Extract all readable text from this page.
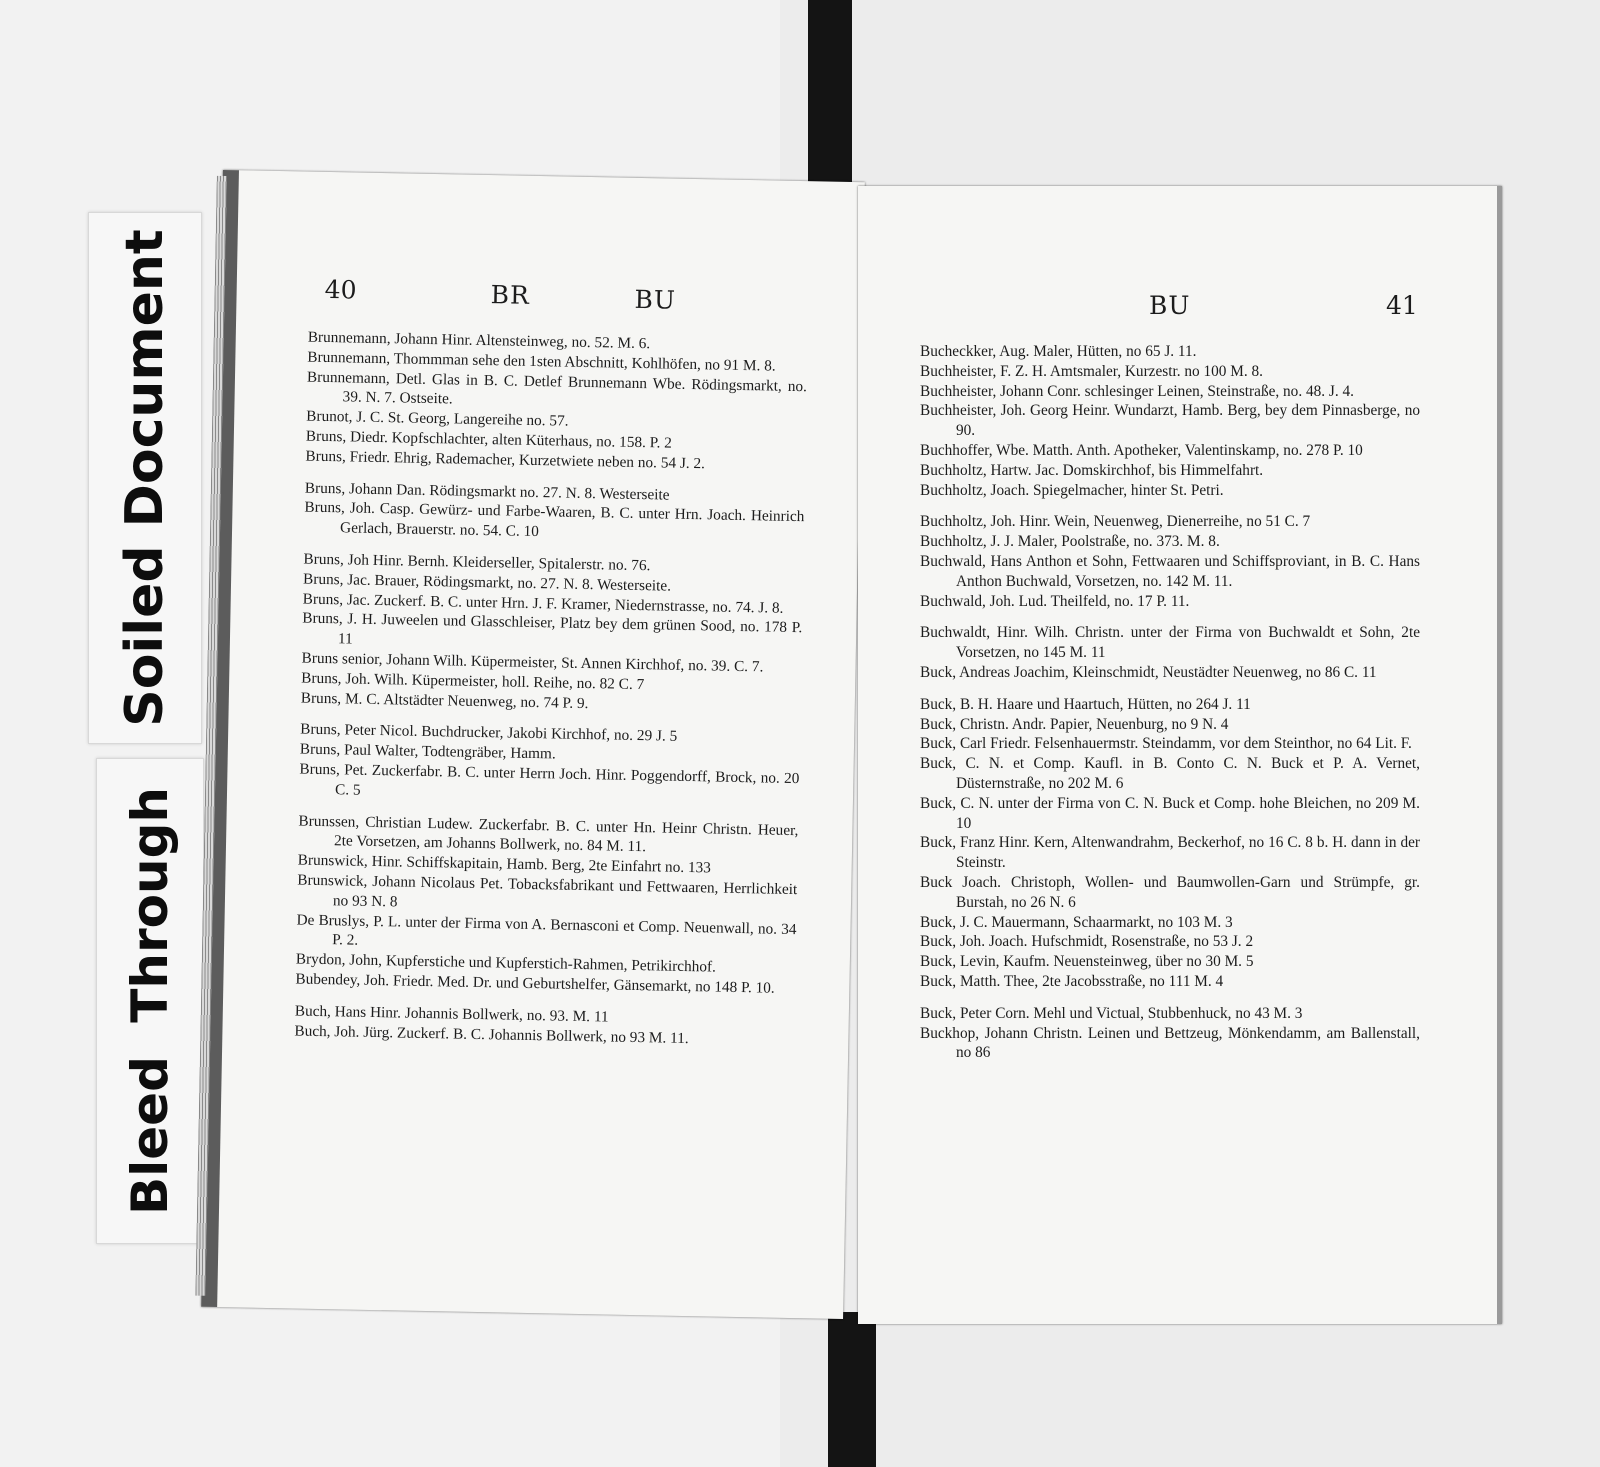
Soiled Document
Bleed Through
40	BR	BU

Brunnemann, Johann Hinr. Altensteinweg, no. 52. M. 6.

Brunnemann, Thommman sehe den 1sten Abschnitt, Kohlhöfen, no 91 M. 8.

Brunnemann, Detl. Glas in B. C. Detlef Brunnemann Wbe. Rödingsmarkt, no. 39. N. 7. Ostseite.

Brunot, J. C. St. Georg, Langereihe no. 57.

Bruns, Diedr. Kopfschlachter, alten Küterhaus, no. 158. P. 2

Bruns, Friedr. Ehrig, Rademacher, Kurzetwiete neben no. 54 J. 2.

Bruns, Johann Dan. Rödingsmarkt no. 27. N. 8. Westerseite

Bruns, Joh. Casp. Gewürz- und Farbe-Waaren, B. C. unter Hrn. Joach. Heinrich Gerlach, Brauerstr. no. 54. C. 10

Bruns, Joh Hinr. Bernh. Kleiderseller, Spitalerstr. no. 76.

Bruns, Jac. Brauer, Rödingsmarkt, no. 27. N. 8. Westerseite.

Bruns, Jac. Zuckerf. B. C. unter Hrn. J. F. Kramer, Niedernstrasse, no. 74. J. 8.

Bruns, J. H. Juweelen und Glasschleiser, Platz bey dem grünen Sood, no. 178 P. 11

Bruns senior, Johann Wilh. Küpermeister, St. Annen Kirchhof, no. 39. C. 7.

Bruns, Joh. Wilh. Küpermeister, holl. Reihe, no. 82 C. 7

Bruns, M. C. Altstädter Neuenweg, no. 74 P. 9.

Bruns, Peter Nicol. Buchdrucker, Jakobi Kirchhof, no. 29 J. 5

Bruns, Paul Walter, Todtengräber, Hamm.

Bruns, Pet. Zuckerfabr. B. C. unter Herrn Joch. Hinr. Poggendorff, Brock, no. 20 C. 5

Brunssen, Christian Ludew. Zuckerfabr. B. C. unter Hn. Heinr Christn. Heuer, 2te Vorsetzen, am Johanns Bollwerk, no. 84 M. 11.

Brunswick, Hinr. Schiffskapitain, Hamb. Berg, 2te Einfahrt no. 133

Brunswick, Johann Nicolaus Pet. Tobacksfabrikant und Fettwaaren, Herrlichkeit no 93 N. 8

De Bruslys, P. L. unter der Firma von A. Bernasconi et Comp. Neuenwall, no. 34 P. 2.

Brydon, John, Kupferstiche und Kupferstich-Rahmen, Petrikirchhof.

Bubendey, Joh. Friedr. Med. Dr. und Geburtshelfer, Gänsemarkt, no 148 P. 10.

Buch, Hans Hinr. Johannis Bollwerk, no. 93. M. 11

Buch, Joh. Jürg. Zuckerf. B. C. Johannis Bollwerk, no 93 M. 11.

BU	41

Bucheckker, Aug. Maler, Hütten, no 65 J. 11.

Buchheister, F. Z. H. Amtsmaler, Kurzestr. no 100 M. 8.

Buchheister, Johann Conr. schlesinger Leinen, Steinstraße, no. 48. J. 4.

Buchheister, Joh. Georg Heinr. Wundarzt, Hamb. Berg, bey dem Pinnasberge, no 90.

Buchhoffer, Wbe. Matth. Anth. Apotheker, Valentinskamp, no. 278 P. 10

Buchholtz, Hartw. Jac. Domskirchhof, bis Himmelfahrt.

Buchholtz, Joach. Spiegelmacher, hinter St. Petri.

Buchholtz, Joh. Hinr. Wein, Neuenweg, Dienerreihe, no 51 C. 7

Buchholtz, J. J. Maler, Poolstraße, no. 373. M. 8.

Buchwald, Hans Anthon et Sohn, Fettwaaren und Schiffsproviant, in B. C. Hans Anthon Buchwald, Vorsetzen, no. 142 M. 11.

Buchwald, Joh. Lud. Theilfeld, no. 17 P. 11.

Buchwaldt, Hinr. Wilh. Christn. unter der Firma von Buchwaldt et Sohn, 2te Vorsetzen, no 145 M. 11

Buck, Andreas Joachim, Kleinschmidt, Neustädter Neuenweg, no 86 C. 11

Buck, B. H. Haare und Haartuch, Hütten, no 264 J. 11

Buck, Christn. Andr. Papier, Neuenburg, no 9 N. 4

Buck, Carl Friedr. Felsenhauermstr. Steindamm, vor dem Steinthor, no 64 Lit. F.

Buck, C. N. et Comp. Kaufl. in B. Conto C. N. Buck et P. A. Vernet, Düsternstraße, no 202 M. 6

Buck, C. N. unter der Firma von C. N. Buck et Comp. hohe Bleichen, no 209 M. 10

Buck, Franz Hinr. Kern, Altenwandrahm, Beckerhof, no 16 C. 8 b. H. dann in der Steinstr.

Buck Joach. Christoph, Wollen- und Baumwollen-Garn und Strümpfe, gr. Burstah, no 26 N. 6

Buck, J. C. Mauermann, Schaarmarkt, no 103 M. 3

Buck, Joh. Joach. Hufschmidt, Rosenstraße, no 53 J. 2

Buck, Levin, Kaufm. Neuensteinweg, über no 30 M. 5

Buck, Matth. Thee, 2te Jacobsstraße, no 111 M. 4

Buck, Peter Corn. Mehl und Victual, Stubbenhuck, no 43 M. 3

Buckhop, Johann Christn. Leinen und Bettzeug, Mönkendamm, am Ballenstall, no 86
